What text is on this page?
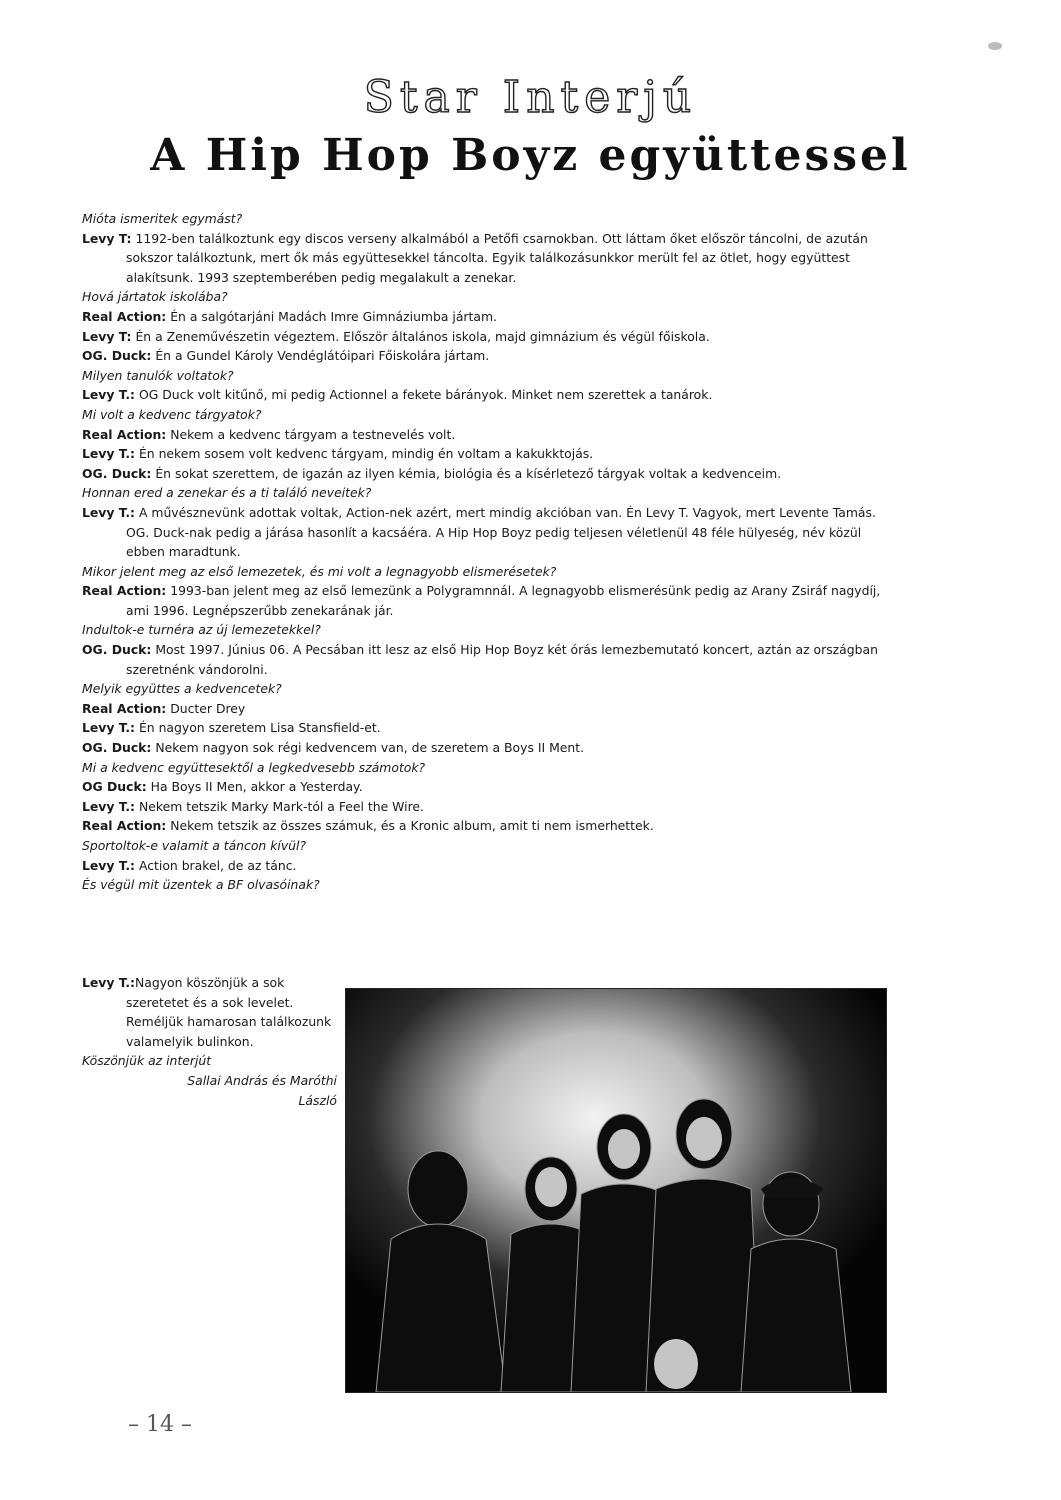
Star Interjú
A Hip Hop Boyz együttessel

Mióta ismeritek egymást?

Levy T: 1192-ben találkoztunk egy discos verseny alkalmából a Petőfi csarnokban. Ott láttam őket először táncolni, de azután sokszor találkoztunk, mert ők más együttesekkel táncolta. Egyik találkozásunkkor merült fel az ötlet, hogy együttest alakítsunk. 1993 szeptemberében pedig megalakult a zenekar.

Hová jártatok iskolába?

Real Action: Én a salgótarjáni Madách Imre Gimnáziumba jártam.

Levy T: Én a Zeneművészetin végeztem. Először általános iskola, majd gimnázium és végül főiskola.

OG. Duck: Én a Gundel Károly Vendéglátóipari Főiskolára jártam.

Milyen tanulók voltatok?

Levy T.: OG Duck volt kitűnő, mi pedig Actionnel a fekete bárányok. Minket nem szerettek a tanárok.

Mi volt a kedvenc tárgyatok?

Real Action: Nekem a kedvenc tárgyam a testnevelés volt.

Levy T.: Én nekem sosem volt kedvenc tárgyam, mindig én voltam a kakukktojás.

OG. Duck: Én sokat szerettem, de igazán az ilyen kémia, biológia és a kísérletező tárgyak voltak a kedvenceim.

Honnan ered a zenekar és a ti találó neveitek?

Levy T.: A művésznevünk adottak voltak, Action-nek azért, mert mindig akcióban van. Én Levy T. Vagyok, mert Levente Tamás. OG. Duck-nak pedig a járása hasonlít a kacsáéra. A Hip Hop Boyz pedig teljesen véletlenül 48 féle hülyeség, név közül ebben maradtunk.

Mikor jelent meg az első lemezetek, és mi volt a legnagyobb elismerésetek?

Real Action: 1993-ban jelent meg az első lemezünk a Polygramnnál. A legnagyobb elismerésünk pedig az Arany Zsiráf nagydíj, ami 1996. Legnépszerűbb zenekarának jár.

Indultok-e turnéra az új lemezetekkel?

OG. Duck: Most 1997. Június 06. A Pecsában itt lesz az első Hip Hop Boyz két órás lemezbemutató koncert, aztán az országban szeretnénk vándorolni.

Melyik együttes a kedvencetek?

Real Action: Ducter Drey

Levy T.: Én nagyon szeretem Lisa Stansfield-et.

OG. Duck: Nekem nagyon sok régi kedvencem van, de szeretem a Boys II Ment.

Mi a kedvenc együttesektől a legkedvesebb számotok?

OG Duck: Ha Boys II Men, akkor a Yesterday.

Levy T.: Nekem tetszik Marky Mark-tól a Feel the Wire.

Real Action: Nekem tetszik az összes számuk, és a Kronic album, amit ti nem ismerhettek.

Sportoltok-e valamit a táncon kívül?

Levy T.: Action brakel, de az tánc.

És végül mit üzentek a BF olvasóinak?

Levy T.:Nagyon köszönjük a sok szeretetet és a sok levelet. Reméljük hamarosan találkozunk valamelyik bulinkon.

Köszönjük az interjút

Sallai András és Maróthi

László

– 14 –
